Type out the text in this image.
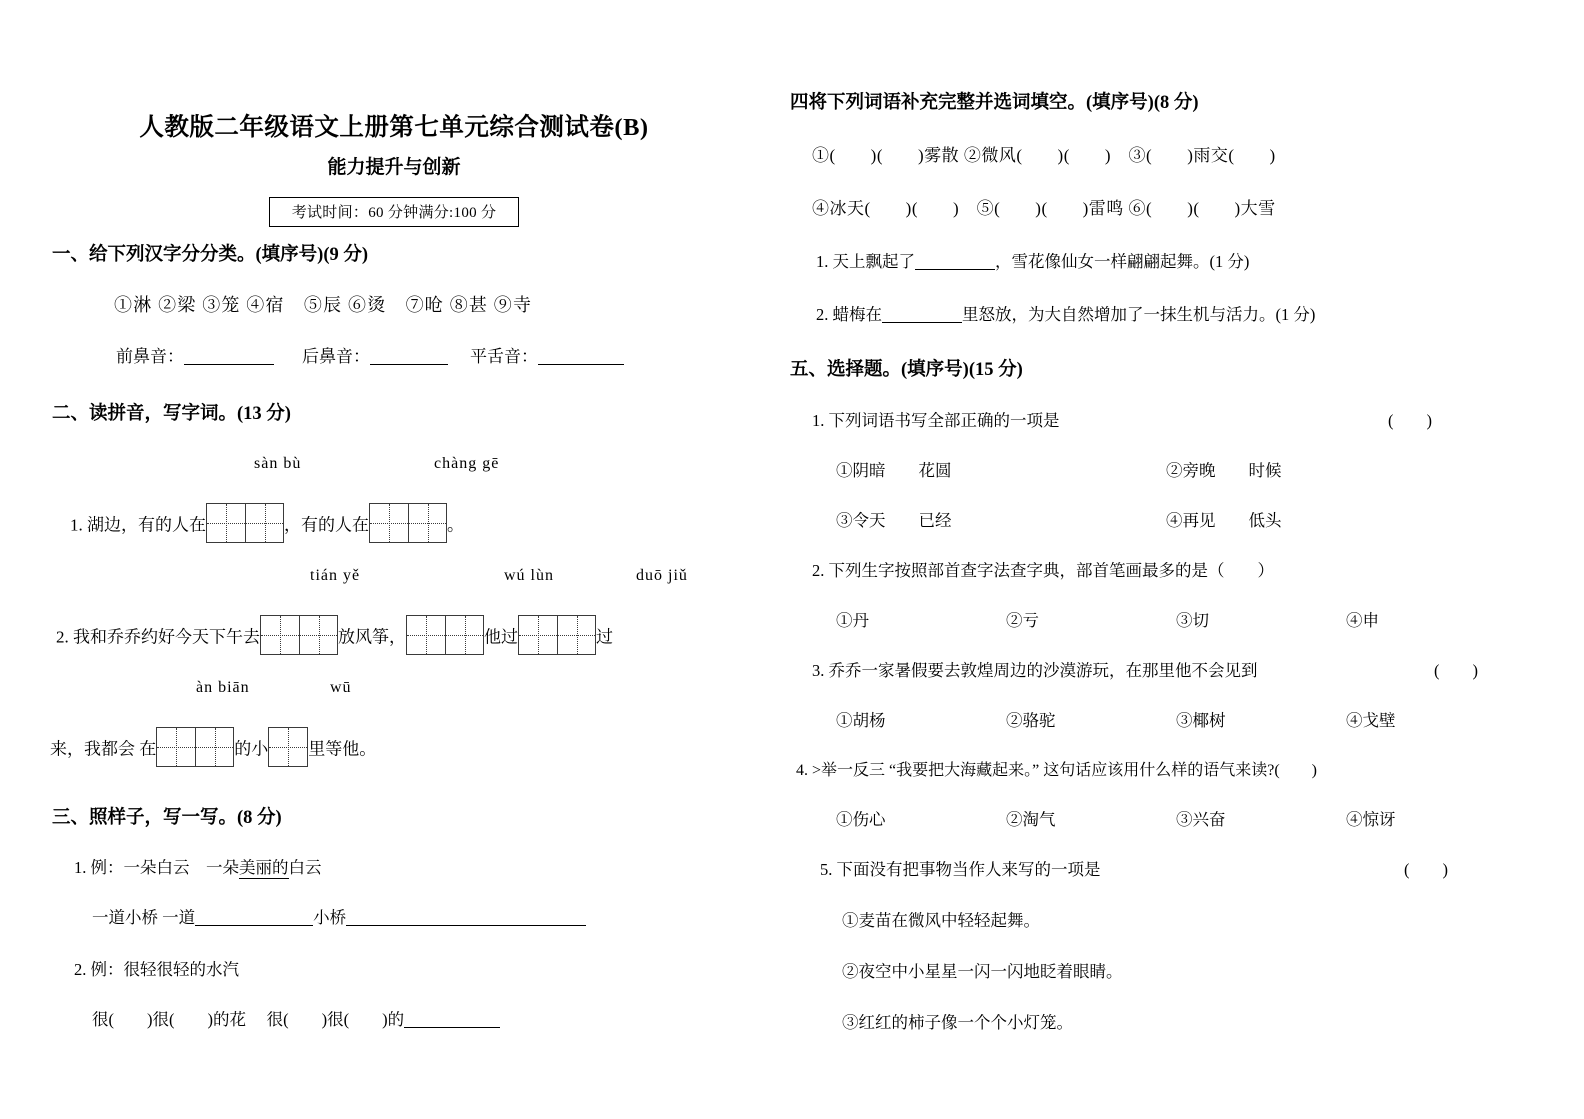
人教版二年级语文上册第七单元综合测试卷(B)
能力提升与创新
考试时间：60 分钟满分:100 分
一、给下列汉字分分类。(填序号)(9 分)
①淋 ②梁 ③笼 ④宿　⑤辰 ⑥烫　⑦呛 ⑧甚 ⑨寺
前鼻音：	后鼻音：	平舌音：
二、读拼音，写字词。(13 分)
sàn bù	chàng gē
1. 湖边，有的人在	，有的人在	。
tián yě	wú lùn	duō jiǔ
2. 我和乔乔约好今天下午去	放风筝，	他过	过
àn biān	wū
来，我都会 在	的小 里等他。
三、照样子，写一写。(8 分)
1. 例：一朵白云　一朵美丽的白云
一道小桥 一道	小桥
2. 例：很轻很轻的水汽
很(　　)很(　　)的花　 很(　　)很(　　)的
四将下列词语补充完整并选词填空。(填序号)(8 分)
①(　　)(　　)雾散 ②微风(　　)(　　)　③(　　)雨交(　　)
④冰天(　　)(　　)　⑤(　　)(　　)雷鸣 ⑥(　　)(　　)大雪
1. 天上飘起了	，雪花像仙女一样翩翩起舞。(1 分)
2. 蜡梅在	里怒放，为大自然增加了一抹生机与活力。(1 分)
五、选择题。(填序号)(15 分)
1. 下列词语书写全部正确的一项是	(　　)
①阴暗　　花圆	②旁晚　　时候
③令天　　已经	④再见　　低头
2. 下列生字按照部首查字法查字典，部首笔画最多的是（　　）
①丹	②亏	③切	④申
3. 乔乔一家暑假要去敦煌周边的沙漠游玩，在那里他不会见到	(　　)
①胡杨	②骆驼	③椰树	④戈壁
4. >举一反三 “我要把大海藏起来。” 这句话应该用什么样的语气来读?(　　)
①伤心	②淘气	③兴奋	④惊讶
5. 下面没有把事物当作人来写的一项是	(　　)
①麦苗在微风中轻轻起舞。
②夜空中小星星一闪一闪地眨着眼睛。
③红红的柿子像一个个小灯笼。
